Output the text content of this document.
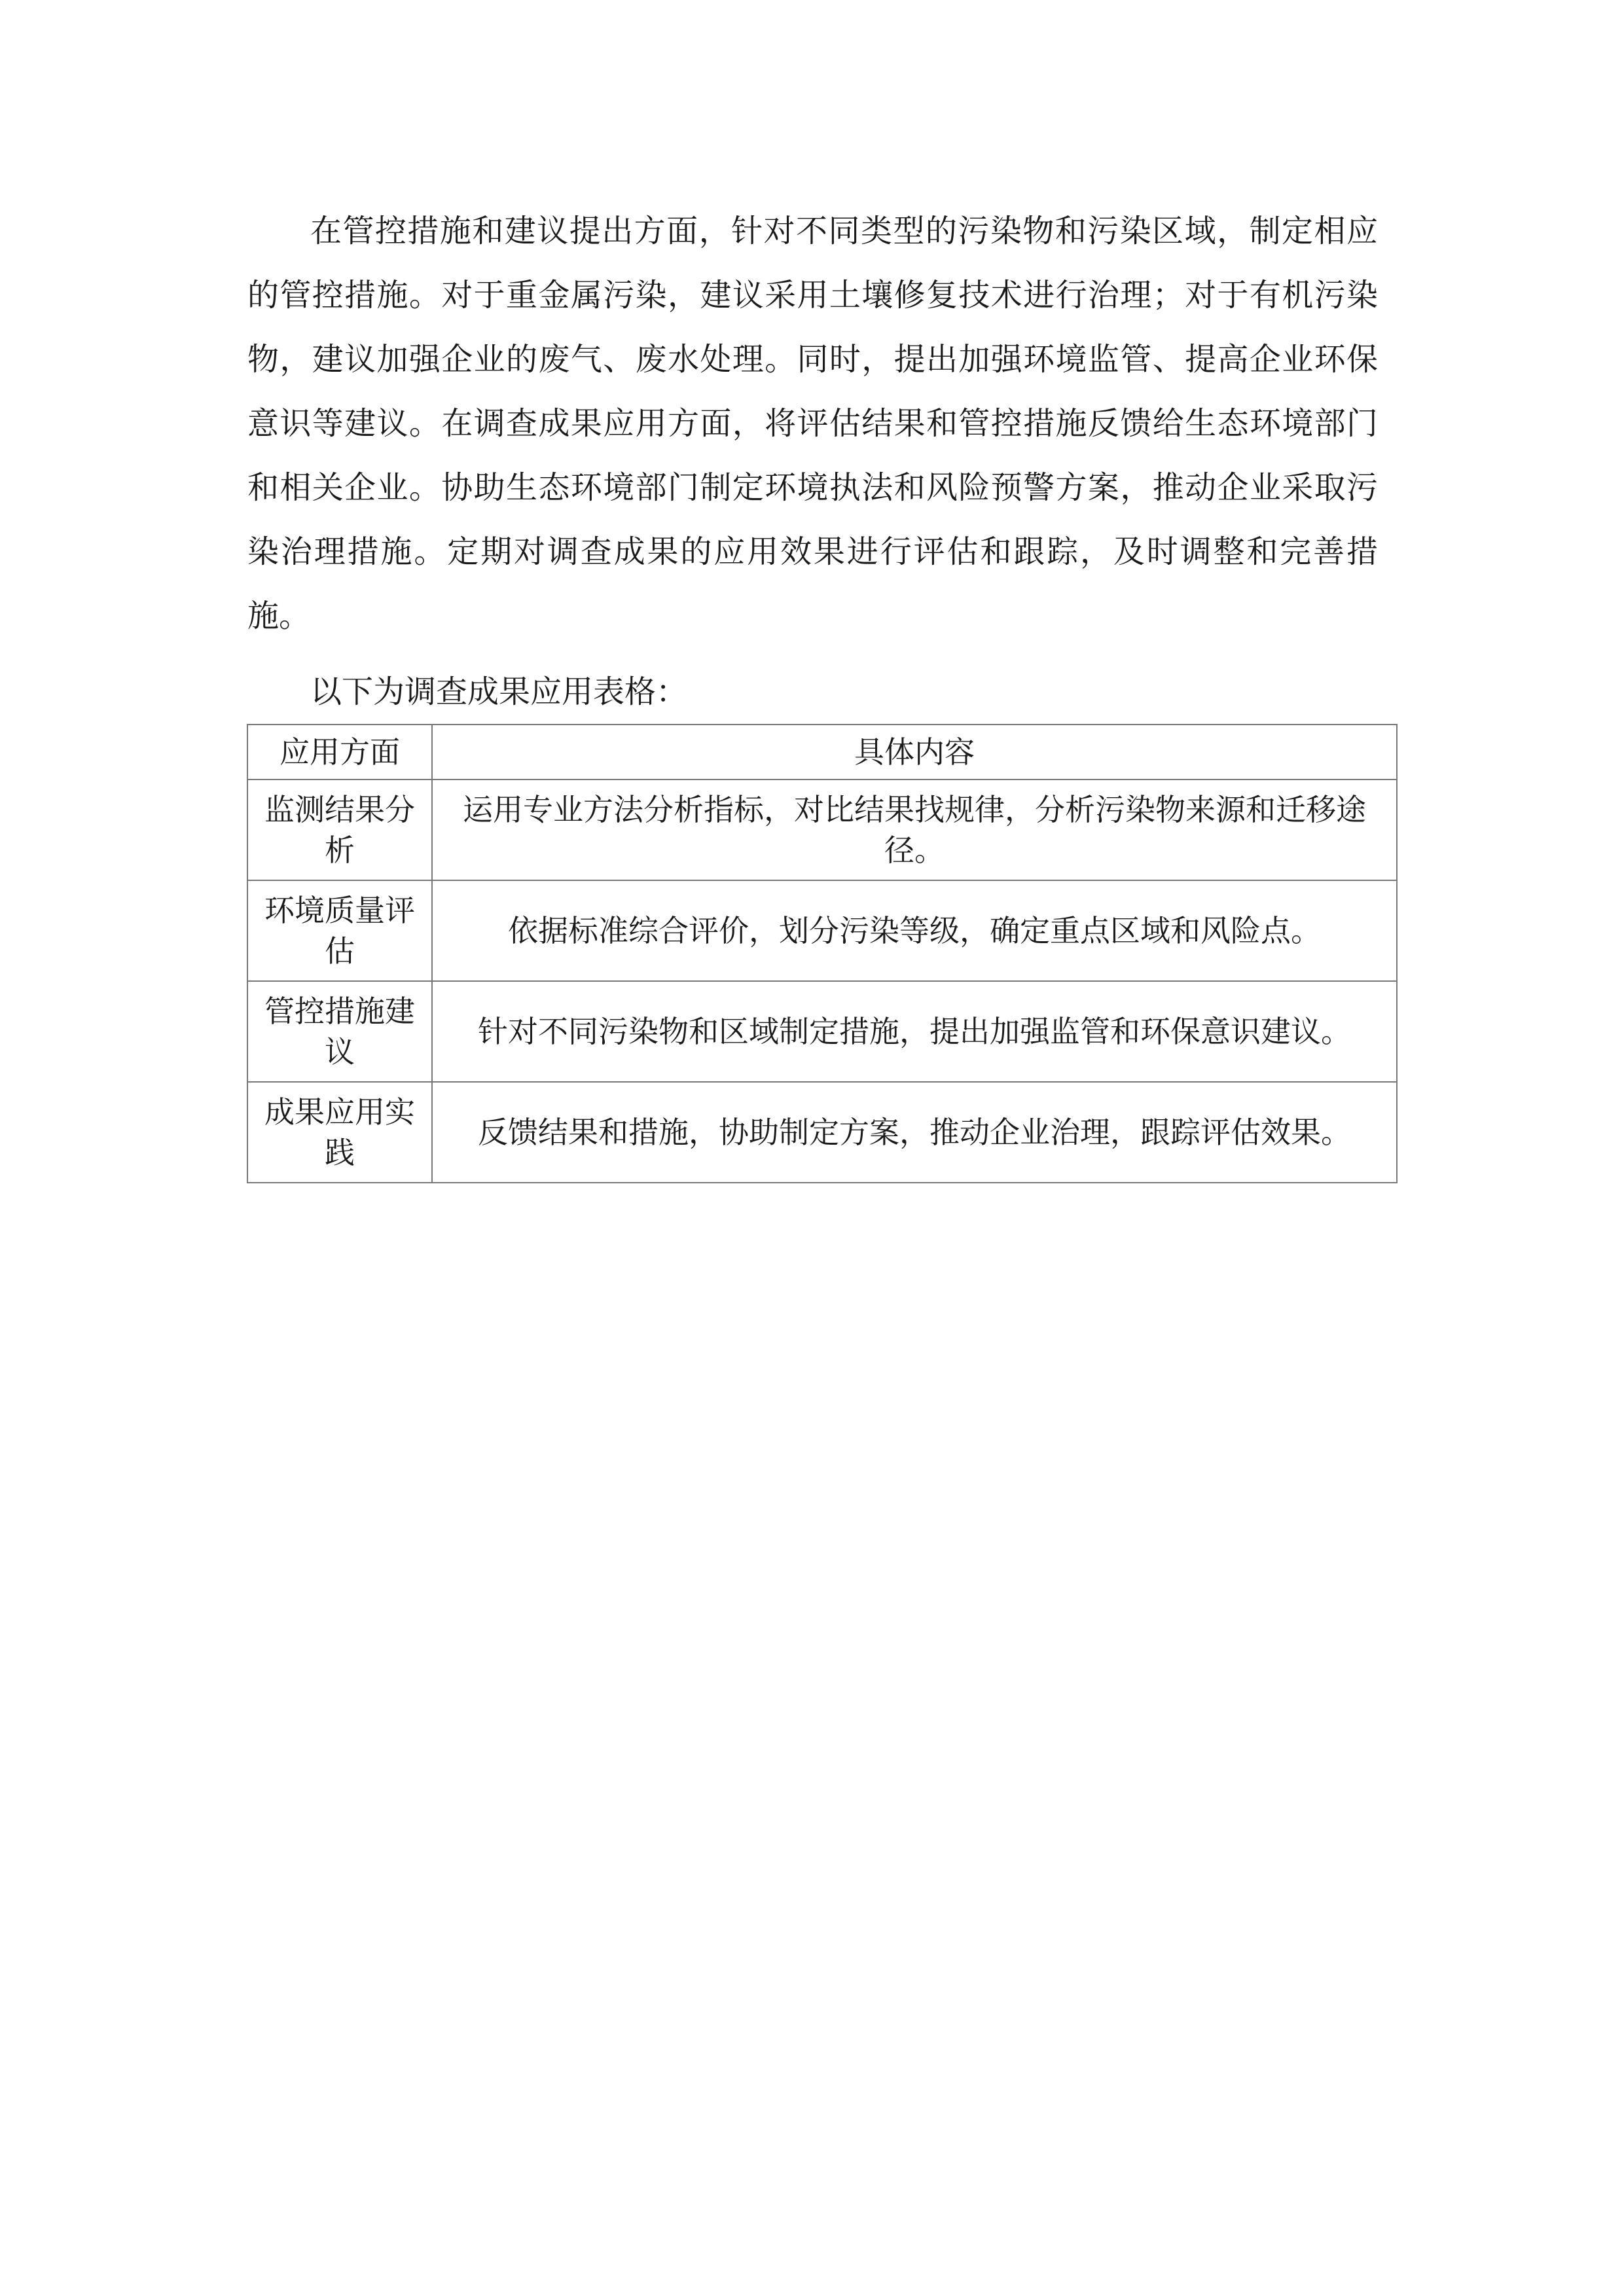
在管控措施和建议提出方面，针对不同类型的污染物和污染区域，制定相应的管控措施。对于重金属污染，建议采用土壤修复技术进行治理；对于有机污染物，建议加强企业的废气、废水处理。同时，提出加强环境监管、提高企业环保意识等建议。在调查成果应用方面，将评估结果和管控措施反馈给生态环境部门和相关企业。协助生态环境部门制定环境执法和风险预警方案，推动企业采取污染治理措施。定期对调查成果的应用效果进行评估和跟踪，及时调整和完善措施。

以下为调查成果应用表格：

应用方面	具体内容
监测结果分析	运用专业方法分析指标，对比结果找规律，分析污染物来源和迁移途径。
环境质量评估	依据标准综合评价，划分污染等级，确定重点区域和风险点。
管控措施建议	针对不同污染物和区域制定措施，提出加强监管和环保意识建议。
成果应用实践	反馈结果和措施，协助制定方案，推动企业治理，跟踪评估效果。
